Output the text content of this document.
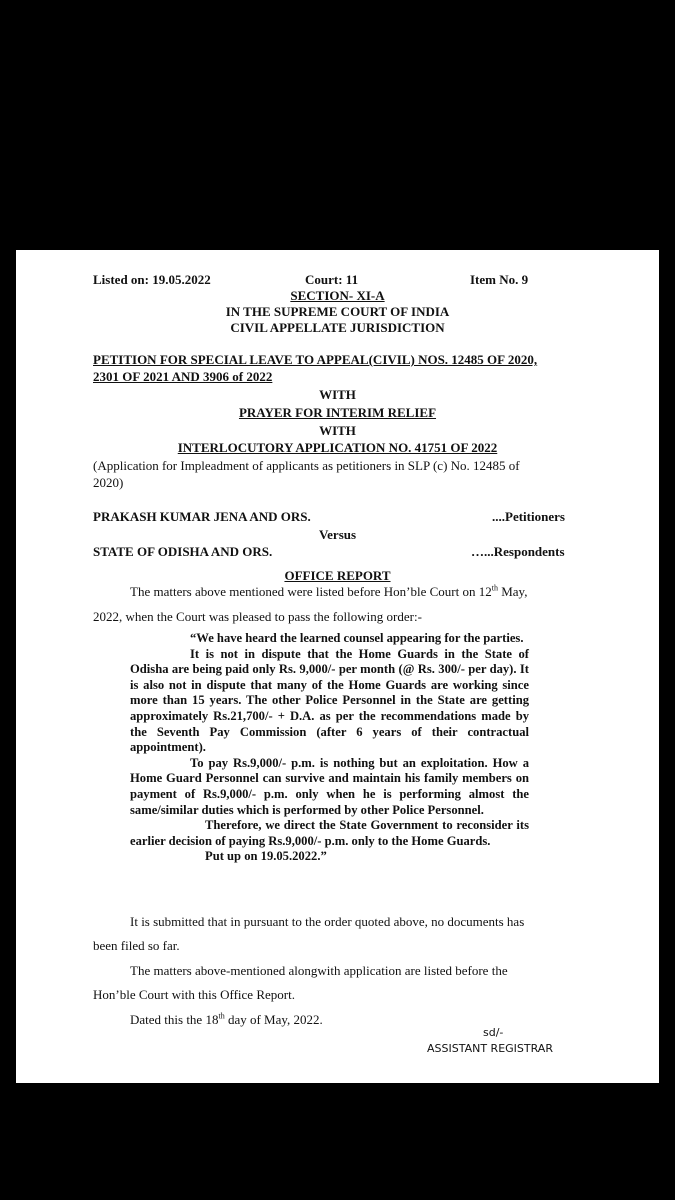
Listed on: 19.05.2022	Court: 11	Item No. 9

SECTION- XI-A

IN THE SUPREME COURT OF INDIA

CIVIL APPELLATE JURISDICTION

PETITION FOR SPECIAL LEAVE TO APPEAL(CIVIL) NOS. 12485 OF 2020,

2301 OF 2021 AND 3906 of 2022

WITH

PRAYER FOR INTERIM RELIEF

WITH

INTERLOCUTORY APPLICATION NO. 41751 OF 2022

(Application for Impleadment of applicants as petitioners in SLP (c) No. 12485 of

2020)

PRAKASH KUMAR JENA AND ORS.	....Petitioners

Versus

STATE OF ODISHA AND ORS.	…...Respondents

OFFICE REPORT

The matters above mentioned were listed before Hon’ble Court on 12th May,

2022, when the Court was pleased to pass the following order:-

“We have heard the learned counsel appearing for the parties.

It is not in dispute that the Home Guards in the State of Odisha are being paid only Rs. 9,000/- per month (@ Rs. 300/- per day). It is also not in dispute that many of the Home Guards are working since more than 15 years. The other Police Personnel in the State are getting approximately Rs.21,700/- + D.A. as per the recommendations made by the Seventh Pay Commission (after 6 years of their contractual appointment).

To pay Rs.9,000/- p.m. is nothing but an exploitation. How a Home Guard Personnel can survive and maintain his family members on payment of Rs.9,000/- p.m. only when he is performing almost the same/similar duties which is performed by other Police Personnel.

Therefore, we direct the State Government to reconsider its earlier decision of paying Rs.9,000/- p.m. only to the Home Guards.

Put up on 19.05.2022.”

It is submitted that in pursuant to the order quoted above, no documents has

been filed so far.

The matters above-mentioned alongwith application are listed before the

Hon’ble Court with this Office Report.

Dated this the 18th day of May, 2022.

sd/-

ASSISTANT REGISTRAR
